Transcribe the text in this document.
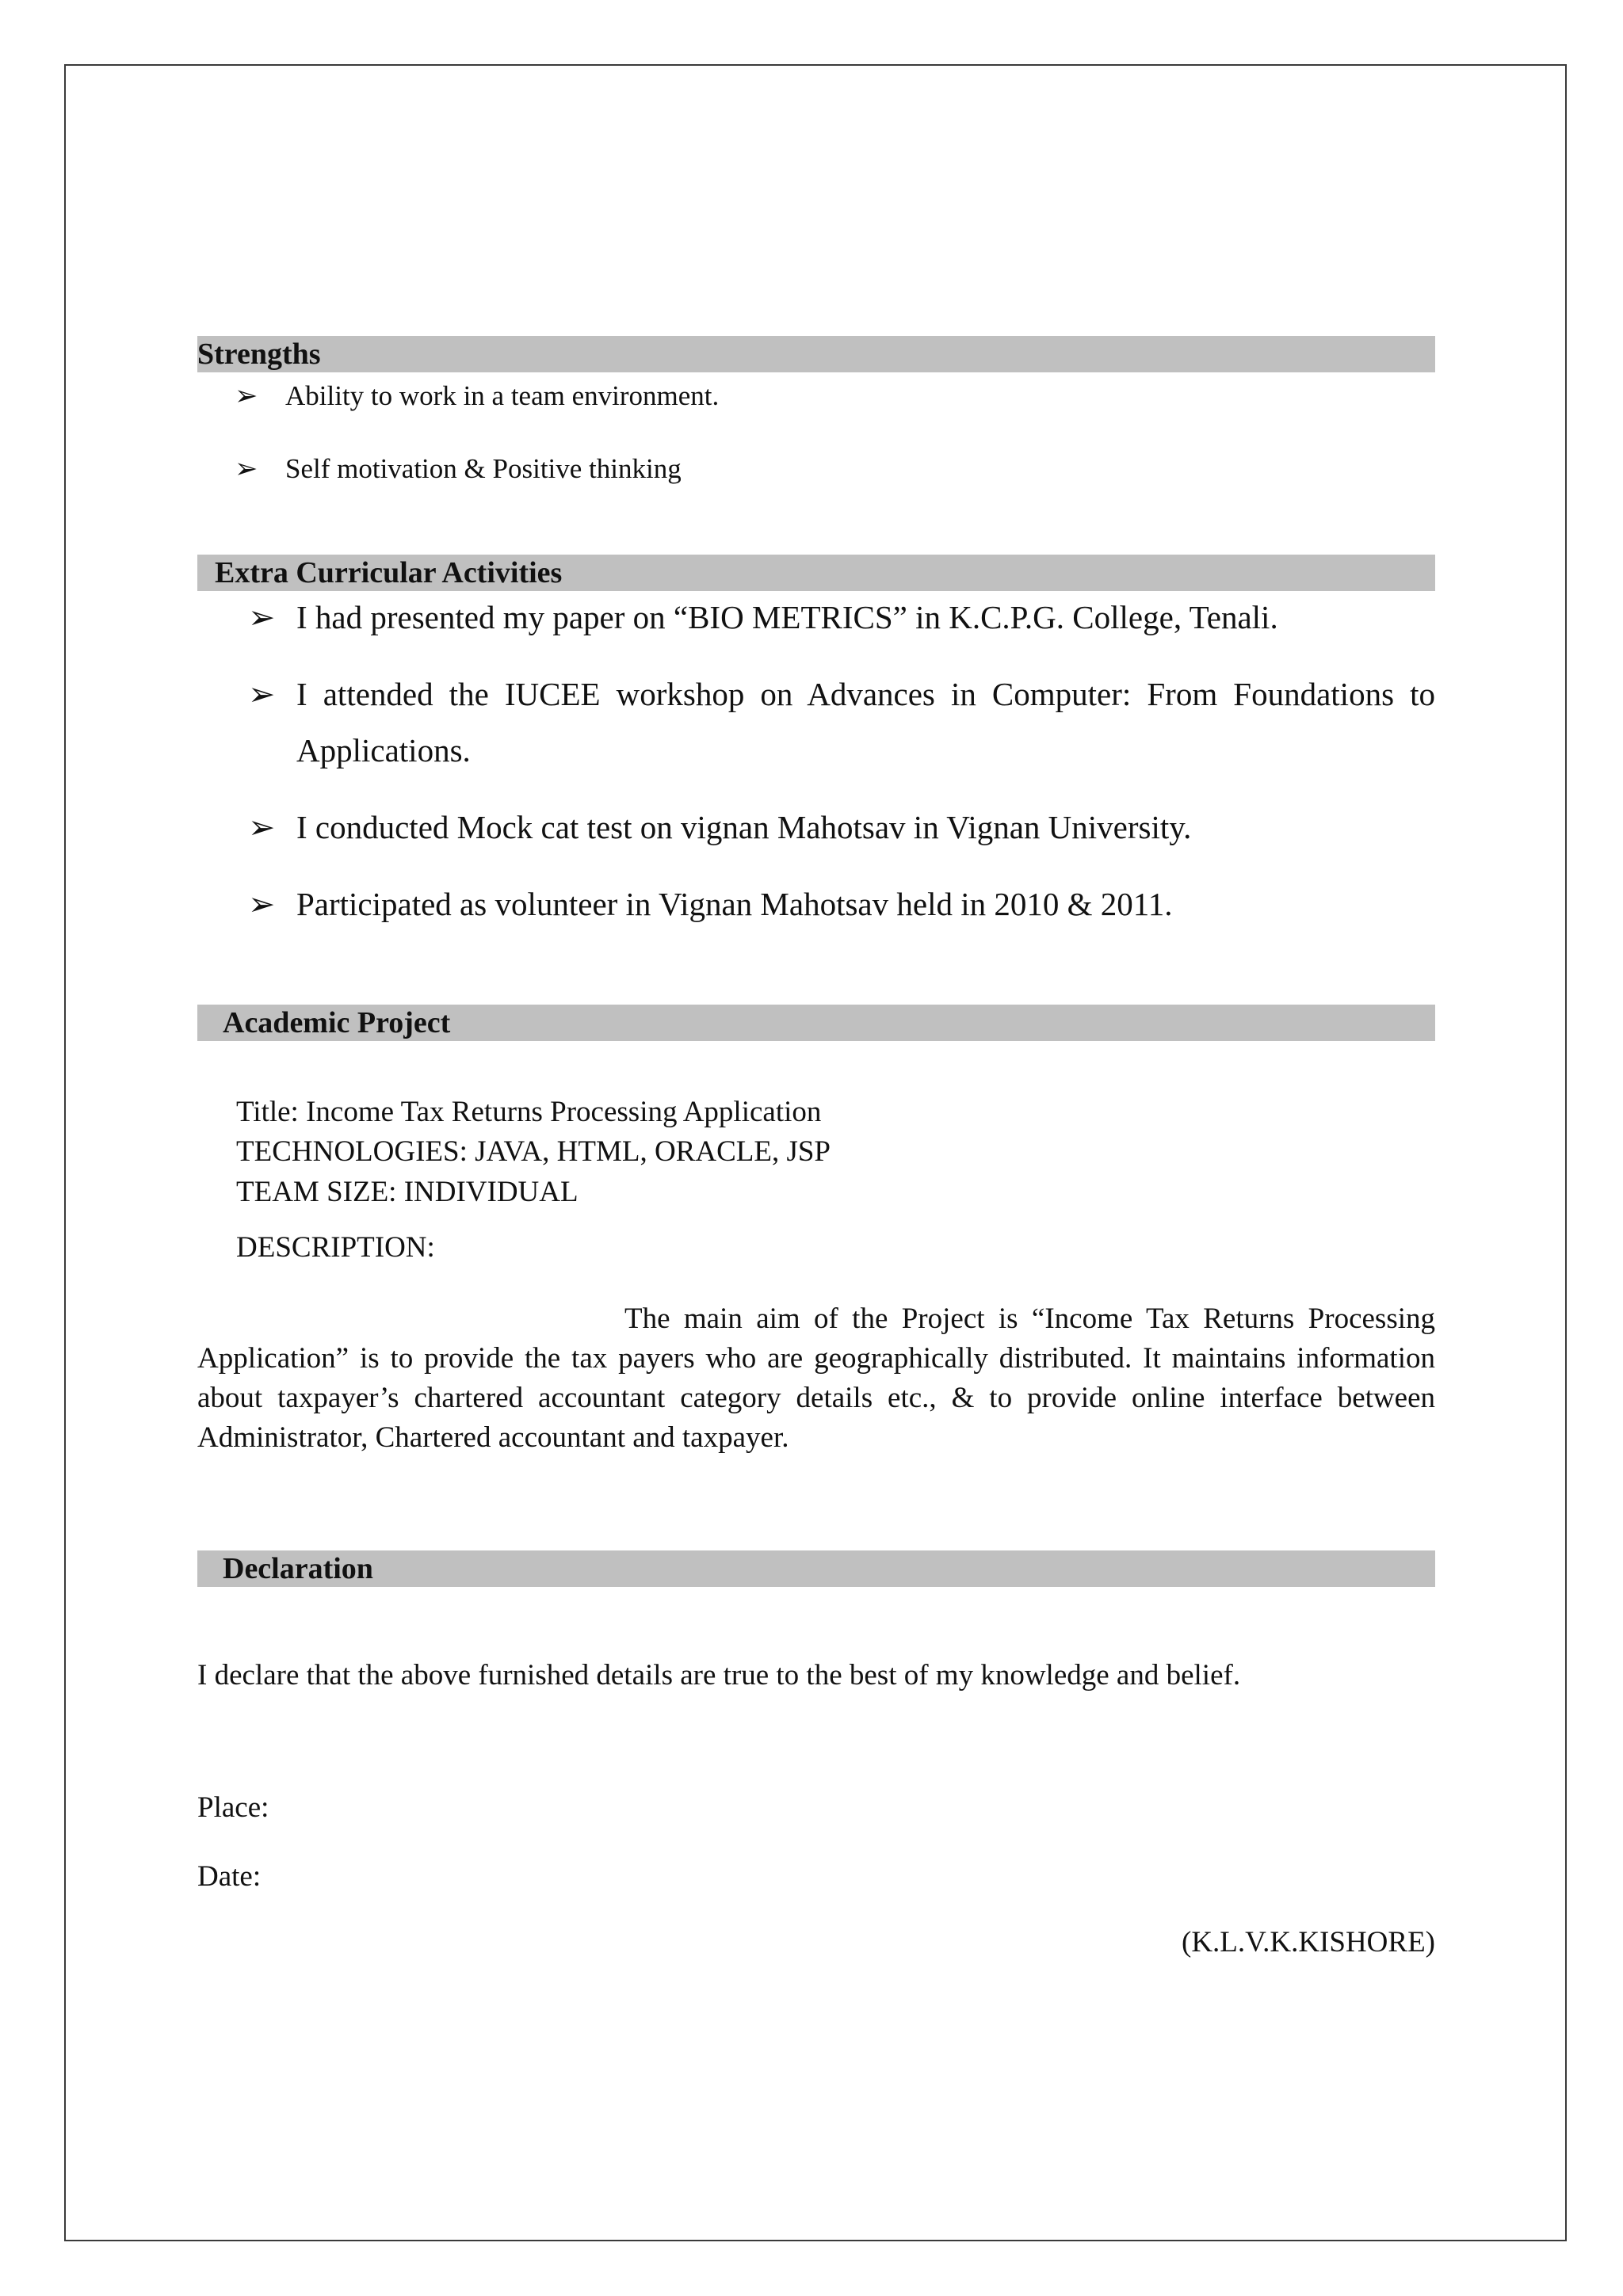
Strengths
➢ Ability to work in a team environment.
➢ Self motivation & Positive thinking
Extra Curricular Activities
➢ I had presented my paper on “BIO METRICS” in K.C.P.G. College, Tenali.
➢ I attended the IUCEE workshop on Advances in Computer: From Foundations to
Applications.
➢ I conducted Mock cat test on vignan Mahotsav in Vignan University.
➢ Participated as volunteer in Vignan Mahotsav held in 2010 & 2011.
Academic Project
Title: Income Tax Returns Processing Application
TECHNOLOGIES: JAVA, HTML, ORACLE, JSP
TEAM SIZE: INDIVIDUAL
DESCRIPTION:
The main aim of the Project is “Income Tax Returns Processing
Application” is to provide the tax payers who are geographically distributed. It maintains information
about taxpayer’s chartered accountant category details etc., & to provide online interface between
Administrator, Chartered accountant and taxpayer.
Declaration
I declare that the above furnished details are true to the best of my knowledge and belief.
Place:
Date:
(K.L.V.K.KISHORE)
